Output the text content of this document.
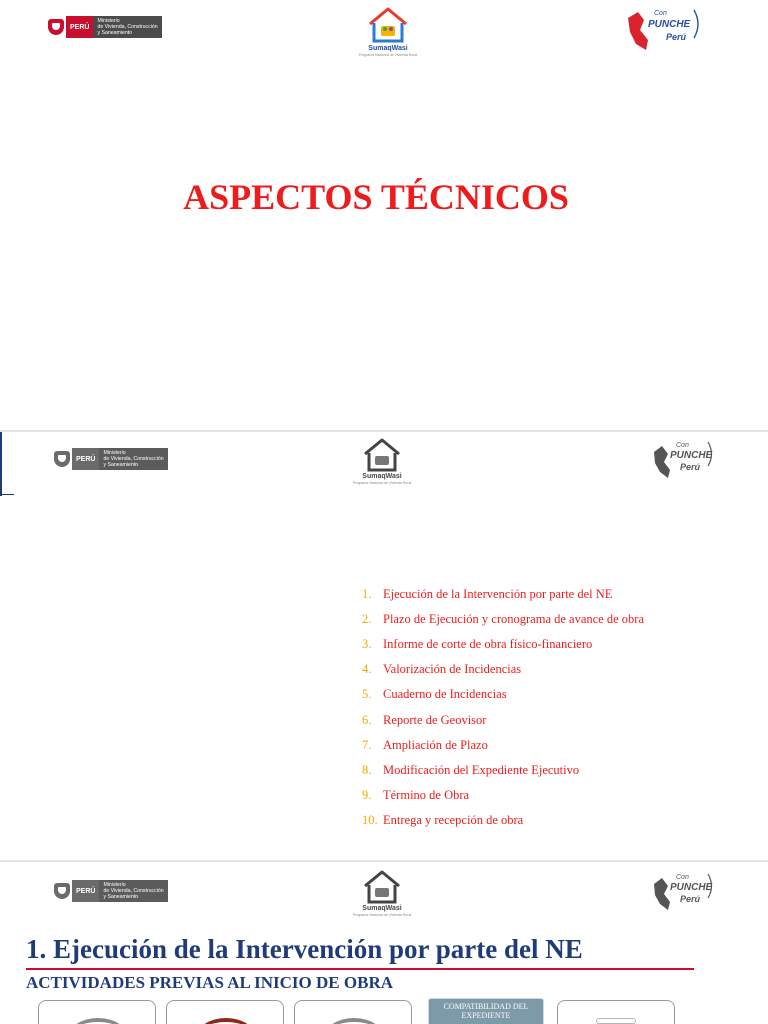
PERÚ
Ministerio
de Vivienda, Construcción
y Saneamiento
SumaqWasi
Programa Nacional de Vivienda Rural
Con
PUNCHE
Perú
ASPECTOS TÉCNICOS
PERÚ
Ministerio
de Vivienda, Construcción
y Saneamiento
SumaqWasi
Programa Nacional de Vivienda Rural
Con
PUNCHE
Perú
1. Ejecución de la Intervención por parte del NE
2. Plazo de Ejecución y cronograma de avance de obra
3. Informe de corte de obra físico-financiero
4. Valorización de Incidencias
5. Cuaderno de Incidencias
6. Reporte de Geovisor
7. Ampliación de Plazo
8. Modificación del Expediente Ejecutivo
9. Término de Obra
10. Entrega y recepción de obra
PERÚ
Ministerio
de Vivienda, Construcción
y Saneamiento
SumaqWasi
Programa Nacional de Vivienda Rural
Con
PUNCHE
Perú
1. Ejecución de la Intervención por parte del NE
ACTIVIDADES PREVIAS AL INICIO DE OBRA
COMPATIBILIDAD DEL EXPEDIENTE
